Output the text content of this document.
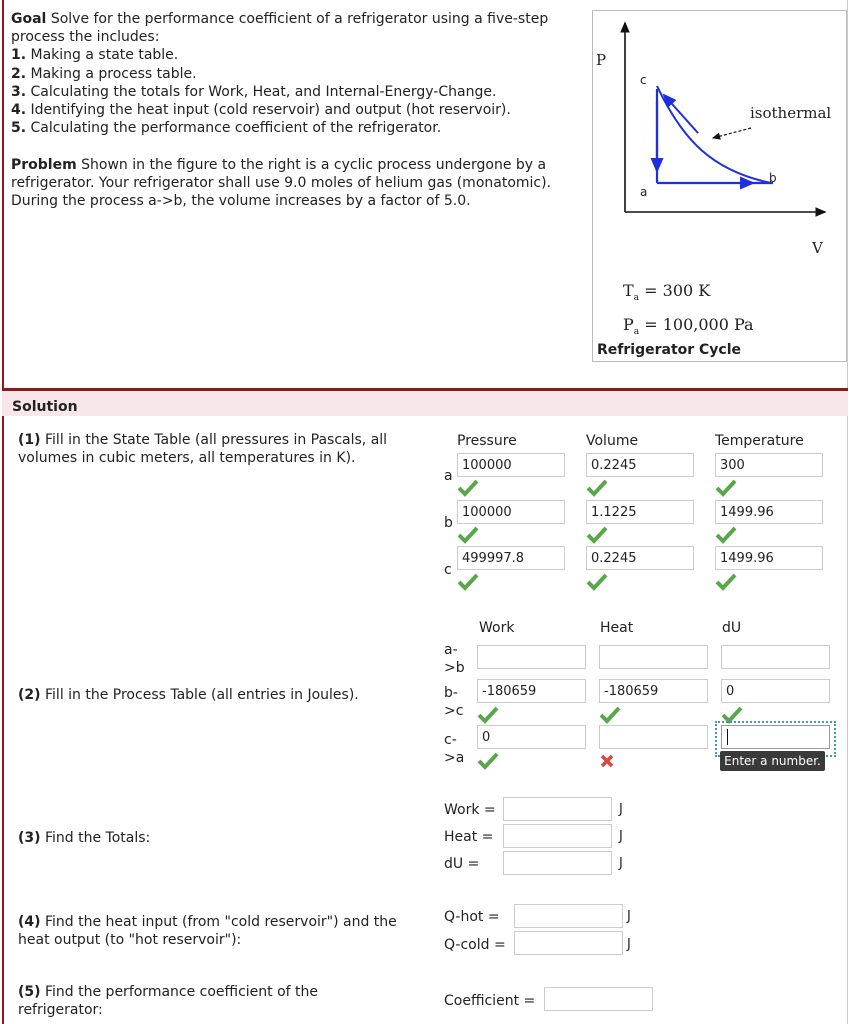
Goal Solve for the performance coefficient of a refrigerator using a five-step process the includes:
1. Making a state table.
2. Making a process table.
3. Calculating the totals for Work, Heat, and Internal-Energy-Change.
4. Identifying the heat input (cold reservoir) and output (hot reservoir).
5. Calculating the performance coefficient of the refrigerator.
Problem Shown in the figure to the right is a cyclic process undergone by a refrigerator. Your refrigerator shall use 9.0 moles of helium gas (monatomic). During the process a->b, the volume increases by a factor of 5.0.
P
V
c
a
b
isothermal
$T_a = 300$ K
$P_a = 100,000$ Pa
Refrigerator Cycle
Solution
(1) Fill in the State Table (all pressures in Pascals, all volumes in cubic meters, all temperatures in K).
Pressure	Volume	Temperature
a
100000	0.2245	300
b
100000	1.1225	1499.96
c
499997.8	0.2245	1499.96
(2) Fill in the Process Table (all entries in Joules).
Work	Heat	dU
a-
>b
b-
>c
-180659	-180659	0
c-
>a
0
Enter a number.
(3) Find the Totals:
Work =	J
Heat =	J
dU =	J
(4) Find the heat input (from "cold reservoir") and the heat output (to "hot reservoir"):
Q-hot =	J
Q-cold =	J
(5) Find the performance coefficient of the refrigerator:
Coefficient =
